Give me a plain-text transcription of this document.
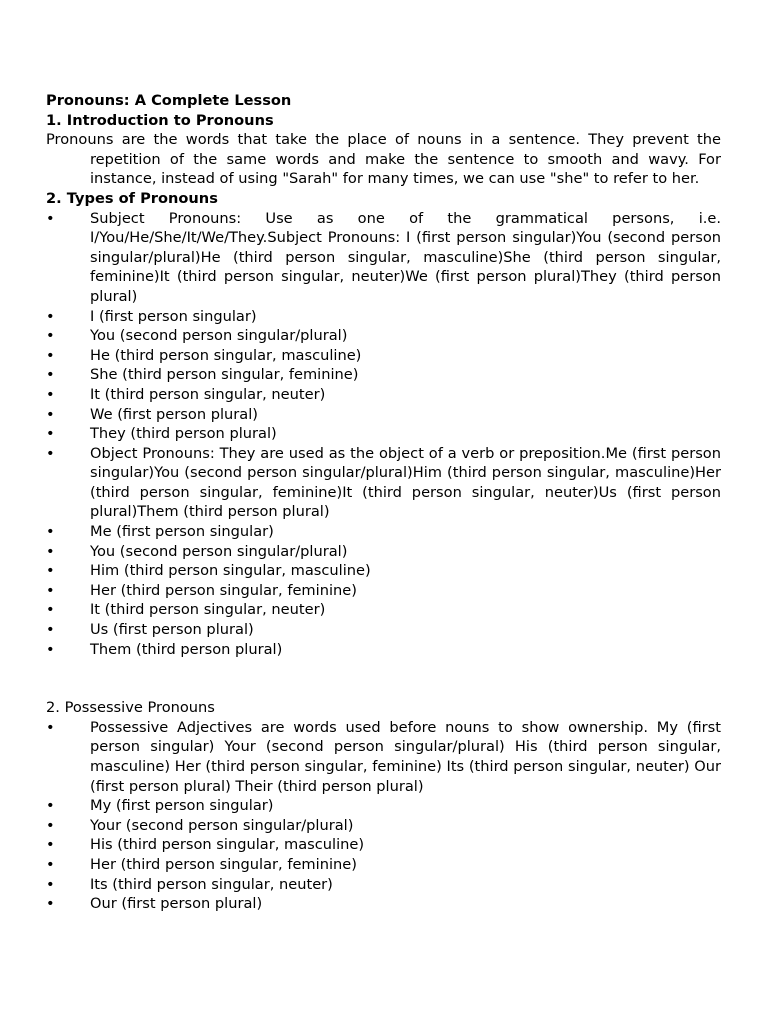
Pronouns: A Complete Lesson

1. Introduction to Pronouns

Pronouns are the words that take the place of nouns in a sentence. They prevent the repetition of the same words and make the sentence to smooth and wavy. For instance, instead of using "Sarah" for many times, we can use "she" to refer to her.

2. Types of Pronouns

• Subject Pronouns: Use as one of the grammatical persons, i.e. I/You/He/She/It/We/They.Subject Pronouns: I (first person singular)You (second person singular/plural)He (third person singular, masculine)She (third person singular, feminine)It (third person singular, neuter)We (first person plural)They (third person plural)
• I (first person singular)
• You (second person singular/plural)
• He (third person singular, masculine)
• She (third person singular, feminine)
• It (third person singular, neuter)
• We (first person plural)
• They (third person plural)
• Object Pronouns: They are used as the object of a verb or preposition.Me (first person singular)You (second person singular/plural)Him (third person singular, masculine)Her (third person singular, feminine)It (third person singular, neuter)Us (first person plural)Them (third person plural)
• Me (first person singular)
• You (second person singular/plural)
• Him (third person singular, masculine)
• Her (third person singular, feminine)
• It (third person singular, neuter)
• Us (first person plural)
• Them (third person plural)

2. Possessive Pronouns

• Possessive Adjectives are words used before nouns to show ownership. My (first person singular) Your (second person singular/plural) His (third person singular, masculine) Her (third person singular, feminine) Its (third person singular, neuter) Our (first person plural) Their (third person plural)
• My (first person singular)
• Your (second person singular/plural)
• His (third person singular, masculine)
• Her (third person singular, feminine)
• Its (third person singular, neuter)
• Our (first person plural)
